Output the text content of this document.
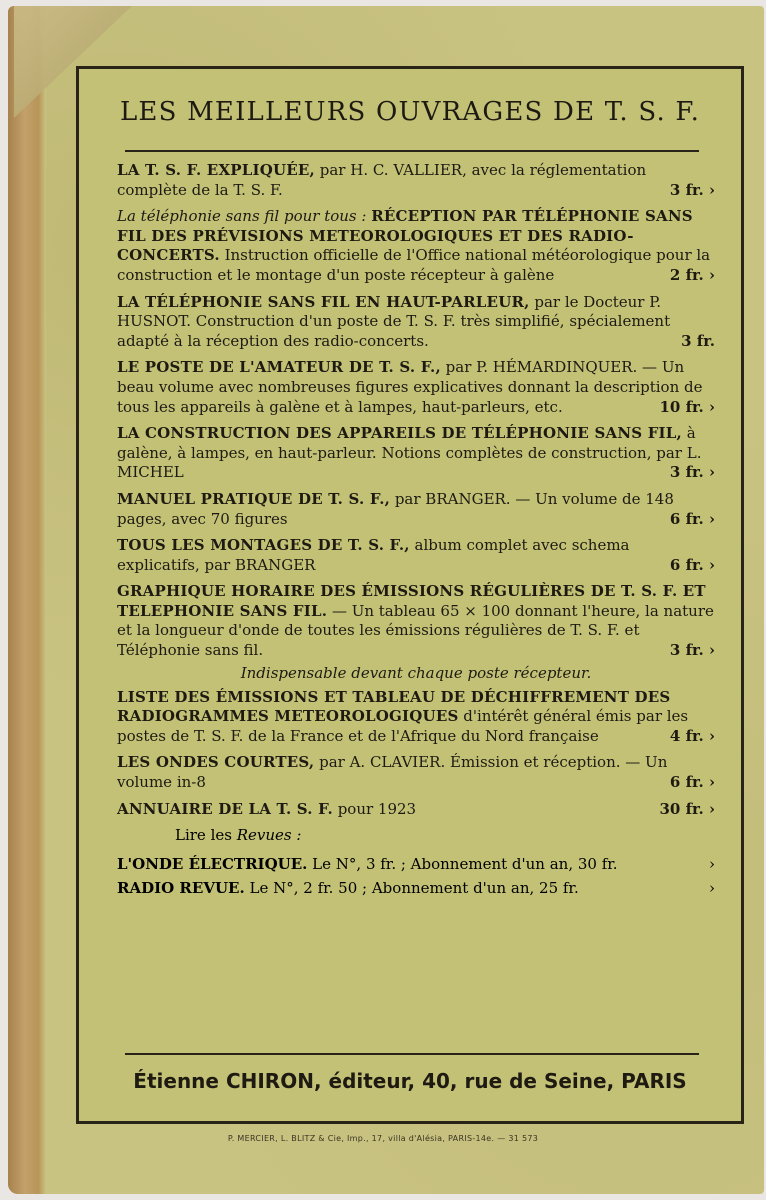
LES MEILLEURS OUVRAGES DE T. S. F.
LA T. S. F. EXPLIQUÉE, par H. C. VALLIER, avec la réglementation complète de la T. S. F.	3 fr. ›
La téléphonie sans fil pour tous : RÉCEPTION PAR TÉLÉPHONIE SANS FIL DES PRÉVISIONS METEOROLOGIQUES ET DES RADIO-CONCERTS. Instruction officielle de l'Office national météorologique pour la construction et le montage d'un poste récepteur à galène	2 fr. ›
LA TÉLÉPHONIE SANS FIL EN HAUT-PARLEUR, par le Docteur P. HUSNOT. Construction d'un poste de T. S. F. très simplifié, spécialement adapté à la réception des radio-concerts.	3 fr.
LE POSTE DE L'AMATEUR DE T. S. F., par P. HÉMARDINQUER. — Un beau volume avec nombreuses figures explicatives donnant la description de tous les appareils à galène et à lampes, haut-parleurs, etc.	10 fr. ›
LA CONSTRUCTION DES APPAREILS DE TÉLÉPHONIE SANS FIL, à galène, à lampes, en haut-parleur. Notions complètes de construction, par L. MICHEL	3 fr. ›
MANUEL PRATIQUE DE T. S. F., par BRANGER. — Un volume de 148 pages, avec 70 figures	6 fr. ›
TOUS LES MONTAGES DE T. S. F., album complet avec schema explicatifs, par BRANGER	6 fr. ›
GRAPHIQUE HORAIRE DES ÉMISSIONS RÉGULIÈRES DE T. S. F. ET TELEPHONIE SANS FIL. — Un tableau 65 × 100 donnant l'heure, la nature et la longueur d'onde de toutes les émissions régulières de T. S. F. et Téléphonie sans fil.	3 fr. ›
Indispensable devant chaque poste récepteur.
LISTE DES ÉMISSIONS ET TABLEAU DE DÉCHIFFREMENT DES RADIOGRAMMES METEOROLOGIQUES d'intérêt général émis par les postes de T. S. F. de la France et de l'Afrique du Nord française	4 fr. ›
LES ONDES COURTES, par A. CLAVIER. Émission et réception. — Un volume in-8	6 fr. ›
ANNUAIRE DE LA T. S. F. pour 1923	30 fr. ›
Lire les Revues :
L'ONDE ÉLECTRIQUE. Le N°, 3 fr. ; Abonnement d'un an, 30 fr.	›
RADIO REVUE. Le N°, 2 fr. 50 ; Abonnement d'un an, 25 fr.	›
Étienne CHIRON, éditeur, 40, rue de Seine, PARIS
P. MERCIER, L. BLITZ & Cie, Imp., 17, villa d'Alésia, PARIS-14e. — 31 573
